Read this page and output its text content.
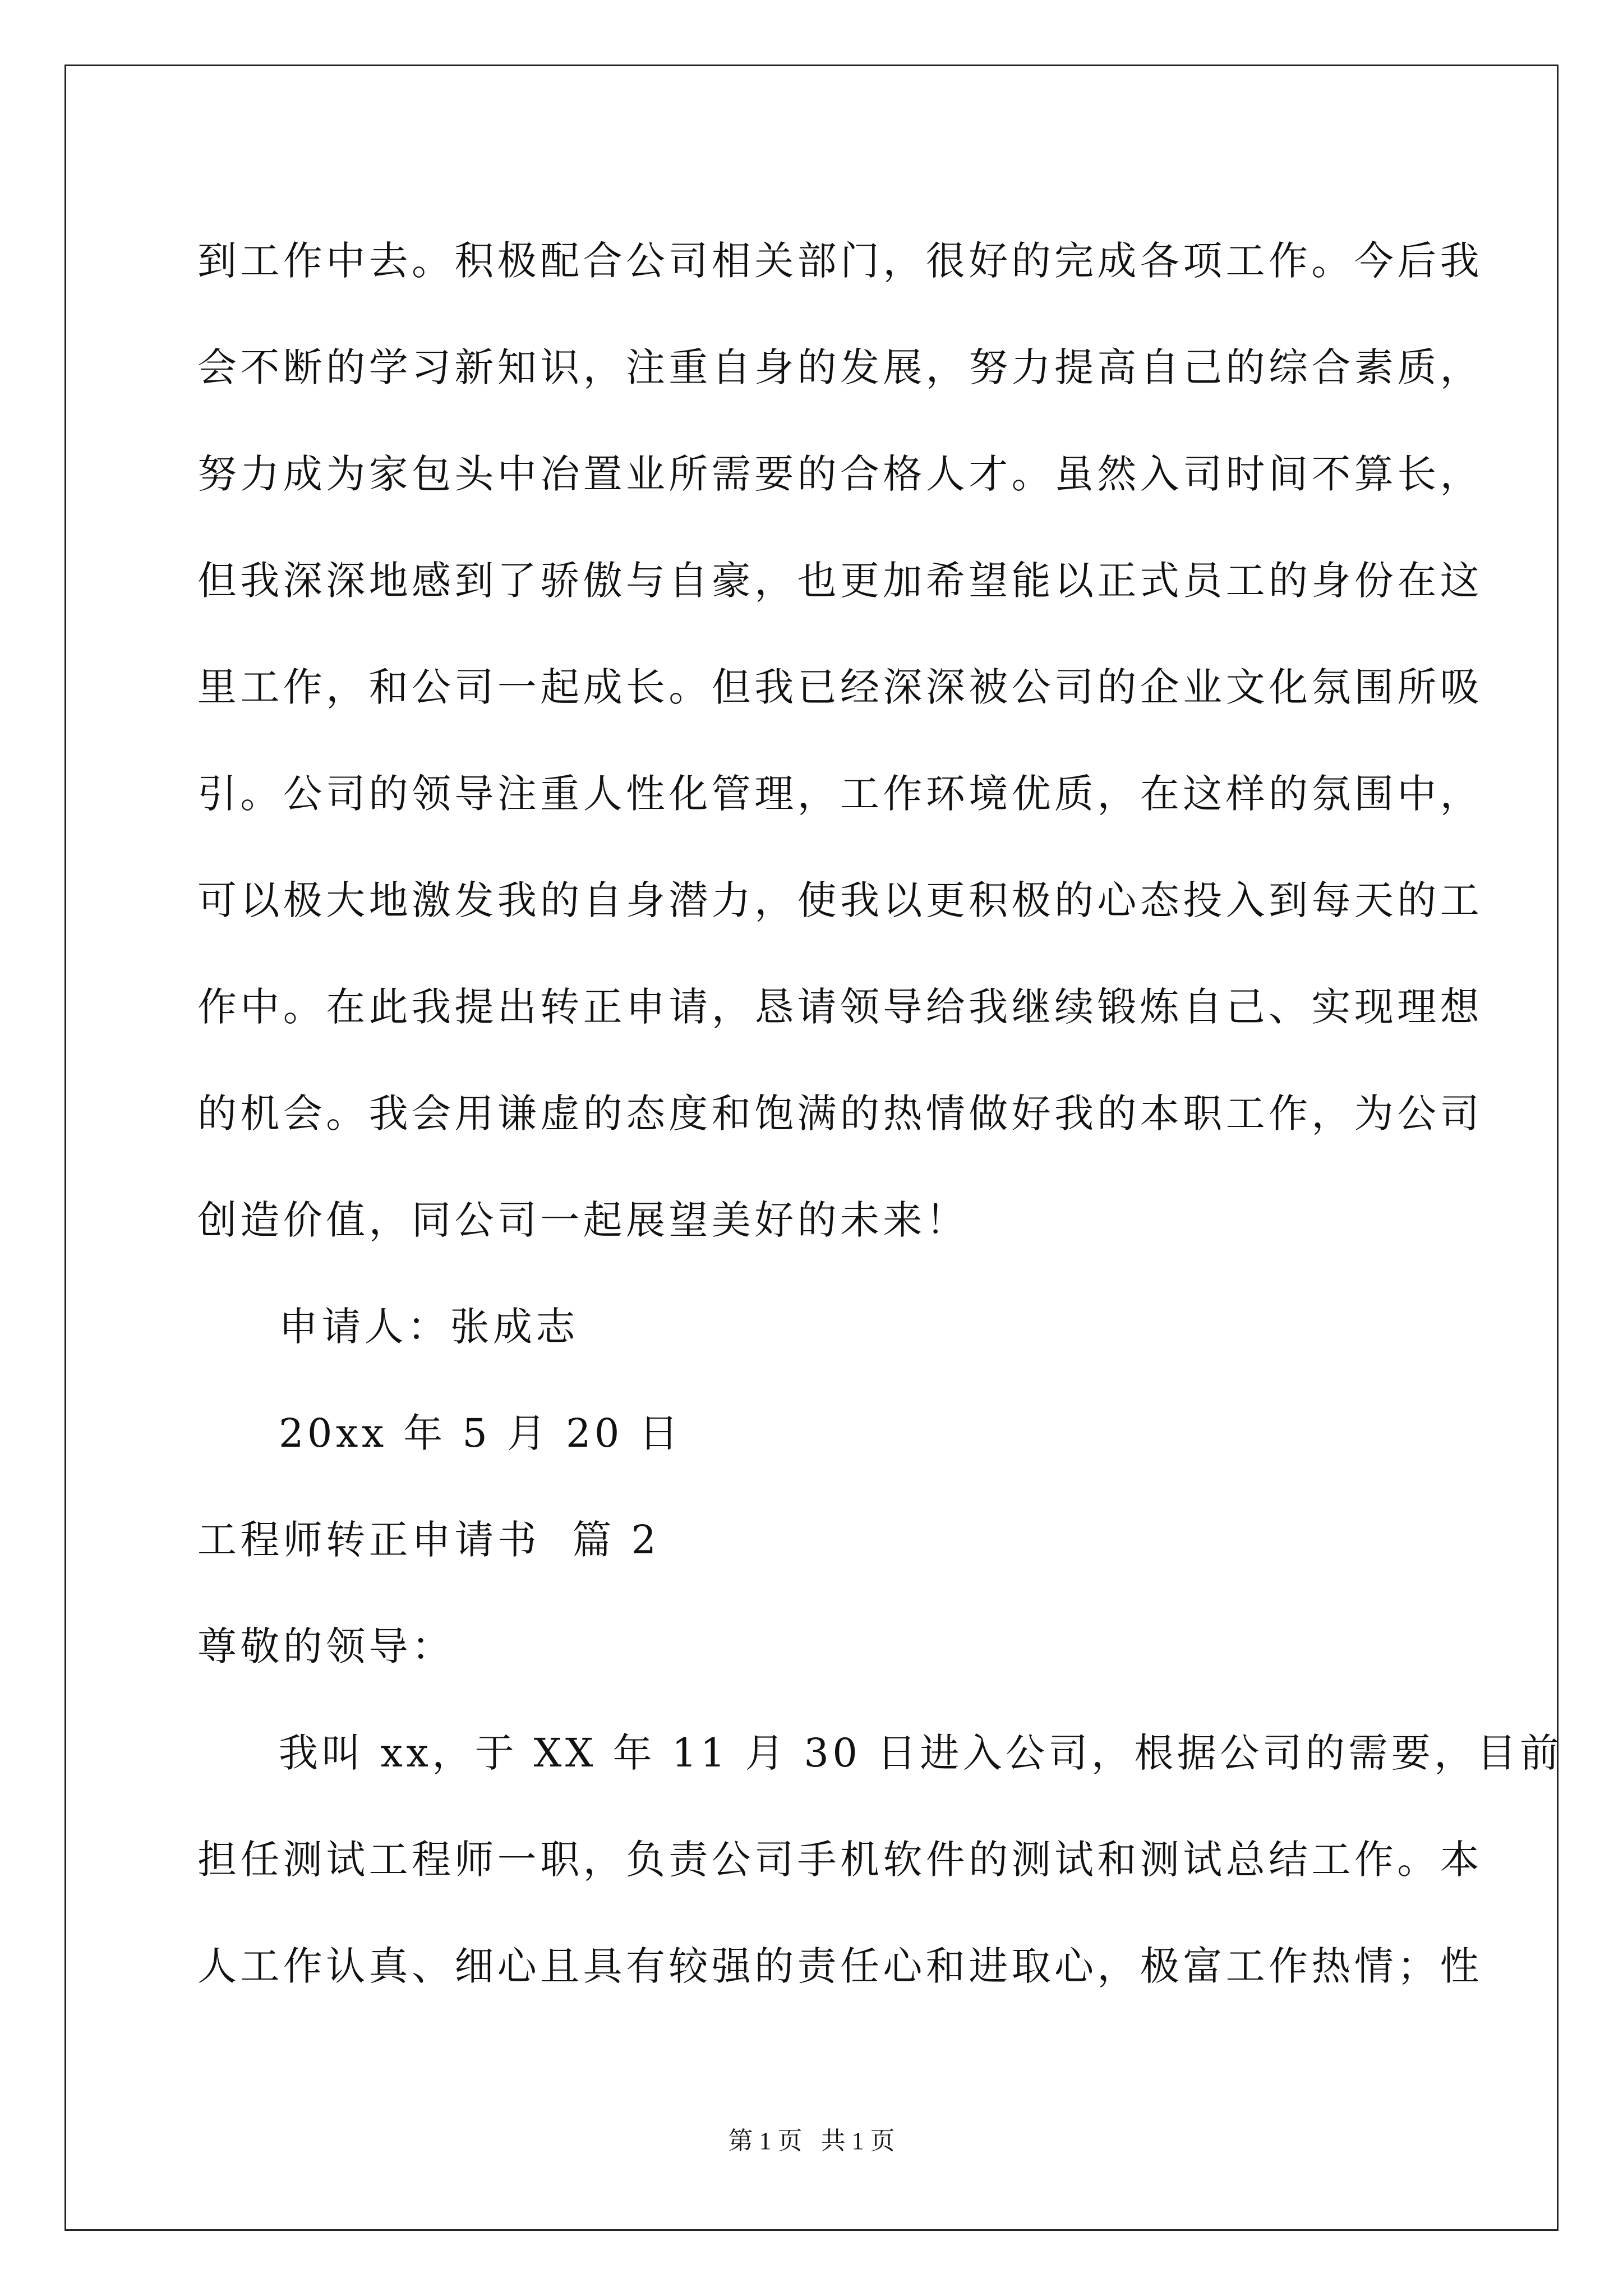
到工作中去。积极配合公司相关部门，很好的完成各项工作。今后我
会不断的学习新知识，注重自身的发展，努力提高自己的综合素质，
努力成为家包头中冶置业所需要的合格人才。虽然入司时间不算长，
但我深深地感到了骄傲与自豪，也更加希望能以正式员工的身份在这
里工作，和公司一起成长。但我已经深深被公司的企业文化氛围所吸
引。公司的领导注重人性化管理，工作环境优质，在这样的氛围中，
可以极大地激发我的自身潜力，使我以更积极的心态投入到每天的工
作中。在此我提出转正申请，恳请领导给我继续锻炼自己、实现理想
的机会。我会用谦虚的态度和饱满的热情做好我的本职工作，为公司
创造价值，同公司一起展望美好的未来！
申请人：张成志
20xx 年 5 月 20 日
工程师转正申请书  篇 2
尊敬的领导：
我叫 xx，于 XX 年 11 月 30 日进入公司，根据公司的需要，目前
担任测试工程师一职，负责公司手机软件的测试和测试总结工作。本
人工作认真、细心且具有较强的责任心和进取心，极富工作热情；性
第 1 页   共 1 页
